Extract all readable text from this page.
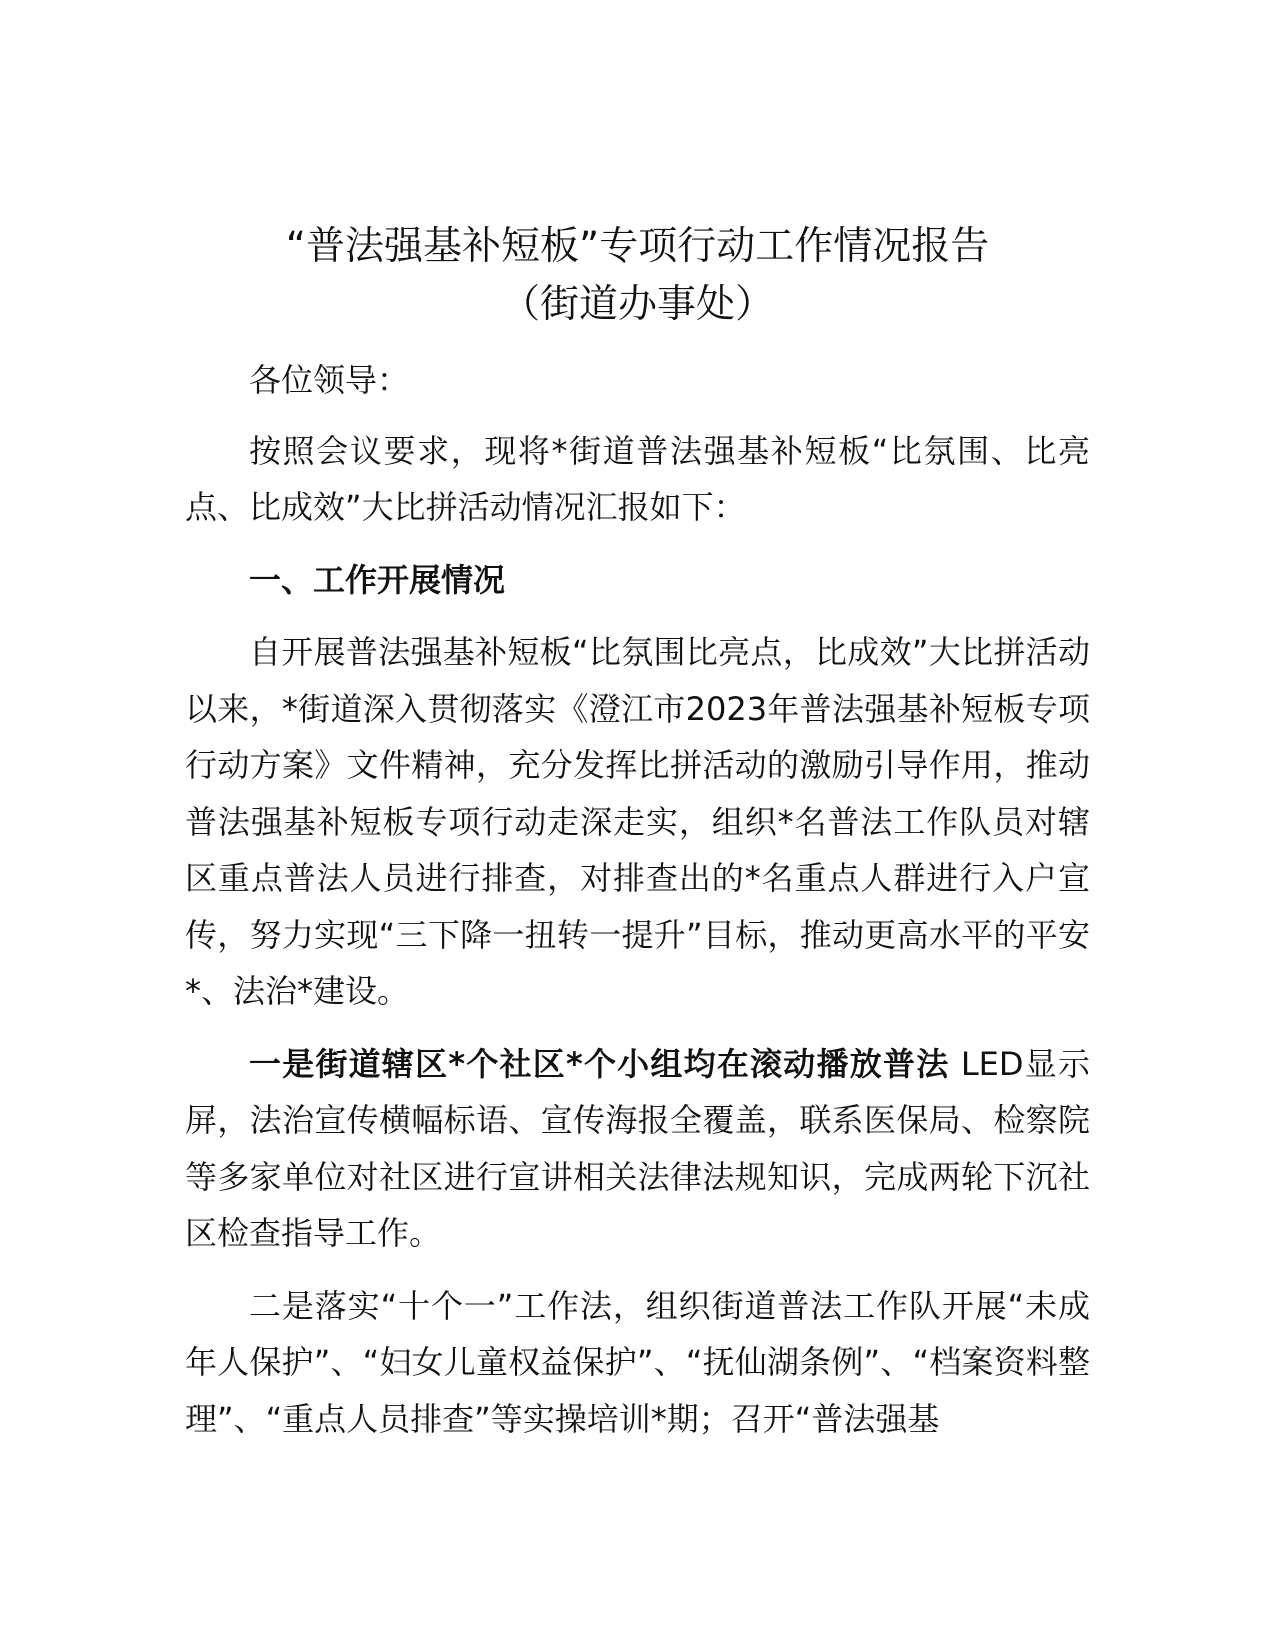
“普法强基补短板”专项行动工作情况报告
（街道办事处）

各位领导：

按照会议要求，现将*街道普法强基补短板“比氛围、比亮点、比成效”大比拼活动情况汇报如下：

一、工作开展情况

自开展普法强基补短板“比氛围比亮点，比成效”大比拼活动以来，*街道深入贯彻落实《澄江市2023年普法强基补短板专项行动方案》文件精神，充分发挥比拼活动的激励引导作用，推动普法强基补短板专项行动走深走实，组织*名普法工作队员对辖区重点普法人员进行排查，对排查出的*名重点人群进行入户宣传，努力实现“三下降一扭转一提升”目标，推动更高水平的平安*、法治*建设。

一是街道辖区*个社区*个小组均在滚动播放普法 LED显示屏，法治宣传横幅标语、宣传海报全覆盖，联系医保局、检察院等多家单位对社区进行宣讲相关法律法规知识，完成两轮下沉社区检查指导工作。

二是落实“十个一”工作法，组织街道普法工作队开展“未成年人保护”、“妇女儿童权益保护”、“抚仙湖条例”、“档案资料整理”、“重点人员排查”等实操培训*期；召开“普法强基
